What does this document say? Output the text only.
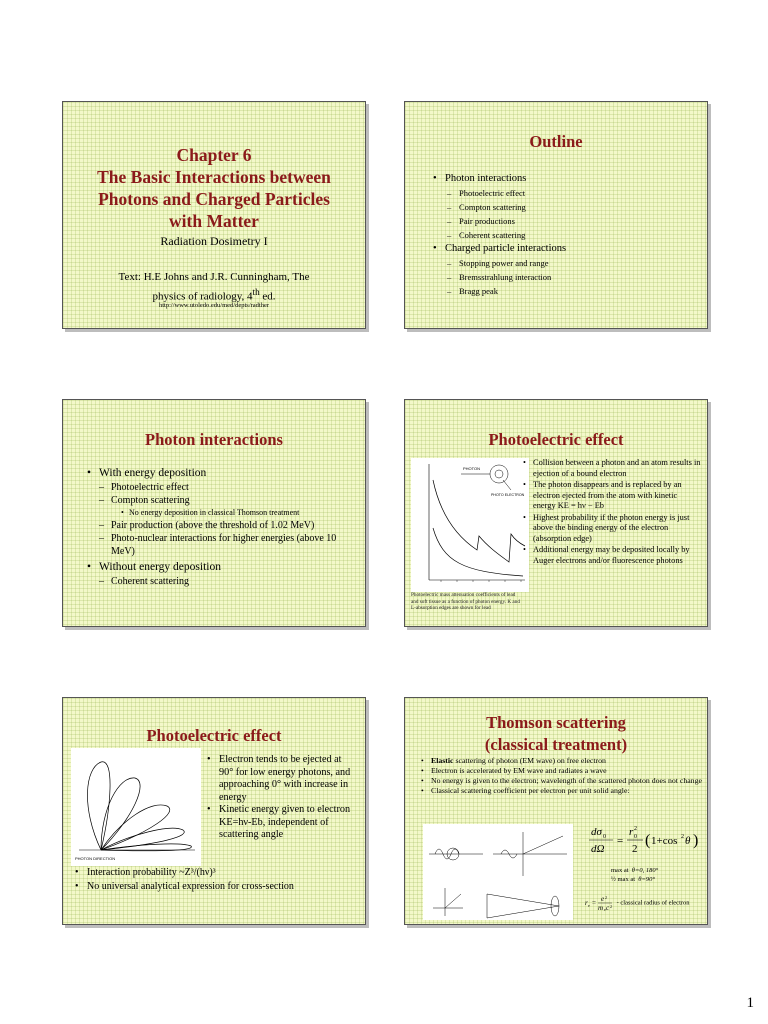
Chapter 6
The Basic Interactions between
Photons and Charged Particles
with Matter
Radiation Dosimetry I
Text: H.E Johns and J.R. Cunningham, The
physics of radiology, 4th ed.
http://www.utoledo.edu/med/depts/radther
Outline
• Photon interactions
– Photoelectric effect
– Compton scattering
– Pair productions
– Coherent scattering
• Charged particle interactions
– Stopping power and range
– Bremsstrahlung interaction
– Bragg peak
Photon interactions
• With energy deposition
– Photoelectric effect
– Compton scattering
• No energy deposition in classical Thomson treatment
– Pair production (above the threshold of 1.02 MeV)
– Photo-nuclear interactions for higher energies (above 10 MeV)
• Without energy deposition
– Coherent scattering
Photoelectric effect
PHOTON
PHOTO ELECTRON
Photoelectric mass attenuation coefficients of lead and soft tissue as a function of photon energy. K and L-absorption edges are shown for lead
• Collision between a photon and an atom results in ejection of a bound electron
• The photon disappears and is replaced by an electron ejected from the atom with kinetic energy KE = hν − Eb
• Highest probability if the photon energy is just above the binding energy of the electron (absorption edge)
• Additional energy may be deposited locally by Auger electrons and/or fluorescence photons
Photoelectric effect
PHOTON DIRECTION
• Electron tends to be ejected at 90° for low energy photons, and approaching 0° with increase in energy
• Kinetic energy given to electron KE=hν-Eb, independent of scattering angle
• Interaction probability ~Z³/(hν)³
• No universal analytical expression for cross-section
Thomson scattering
(classical treatment)
• Elastic scattering of photon (EM wave) on free electron
• Electron is accelerated by EM wave and radiates a wave
• No energy is given to the electron; wavelength of the scattered photon does not change
• Classical scattering coefficient per electron per unit solid angle:
dσ 0
dΩ
=
r 0
2
2 ( 1+cos 2 θ )
max at θ=0, 180°
½ max at θ=90°
r e = e 2
m e c 2
- classical radius of electron
1
